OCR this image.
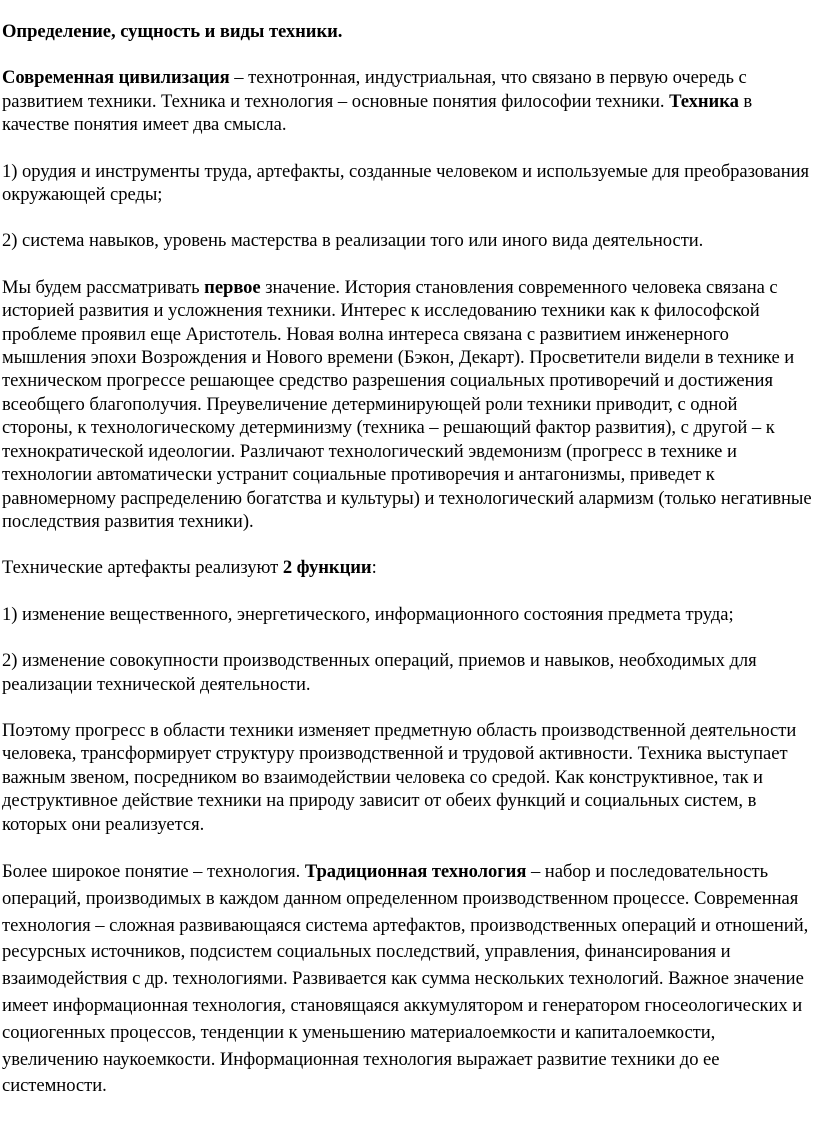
Определение, сущность и виды техники.

Современная цивилизация – технотронная, индустриальная, что связано в первую очередь с развитием техники. Техника и технология – основные понятия философии техники. Техника в качестве понятия имеет два смысла.

1) орудия и инструменты труда, артефакты, созданные человеком и используемые для преобразования окружающей среды;

2) система навыков, уровень мастерства в реализации того или иного вида деятельности.

Мы будем рассматривать первое значение. История становления современного человека связана с историей развития и усложнения техники. Интерес к исследованию техники как к философской проблеме проявил еще Аристотель. Новая волна интереса связана с развитием инженерного мышления эпохи Возрождения и Нового времени (Бэкон, Декарт). Просветители видели в технике и техническом прогрессе решающее средство разрешения социальных противоречий и достижения всеобщего благополучия. Преувеличение детерминирующей роли техники приводит, с одной стороны, к технологическому детерминизму (техника – решающий фактор развития), с другой – к технократической идеологии. Различают технологический эвдемонизм (прогресс в технике и технологии автоматически устранит социальные противоречия и антагонизмы, приведет к равномерному распределению богатства и культуры) и технологический алармизм (только негативные последствия развития техники).

Технические артефакты реализуют 2 функции:

1) изменение вещественного, энергетического, информационного состояния предмета труда;

2) изменение совокупности производственных операций, приемов и навыков, необходимых для реализации технической деятельности.

Поэтому прогресс в области техники изменяет предметную область производственной деятельности человека, трансформирует структуру производственной и трудовой активности. Техника выступает важным звеном, посредником во взаимодействии человека со средой. Как конструктивное, так и деструктивное действие техники на природу зависит от обеих функций и социальных систем, в которых они реализуется.

Более широкое понятие – технология. Традиционная технология – набор и последовательность операций, производимых в каждом данном определенном производственном процессе. Современная технология – сложная развивающаяся система артефактов, производственных операций и отношений, ресурсных источников, подсистем социальных последствий, управления, финансирования и взаимодействия с др. технологиями. Развивается как сумма нескольких технологий. Важное значение имеет информационная технология, становящаяся аккумулятором и генератором гносеологических и социогенных процессов, тенденции к уменьшению материалоемкости и капиталоемкости, увеличению наукоемкости. Информационная технология выражает развитие техники до ее системности.
